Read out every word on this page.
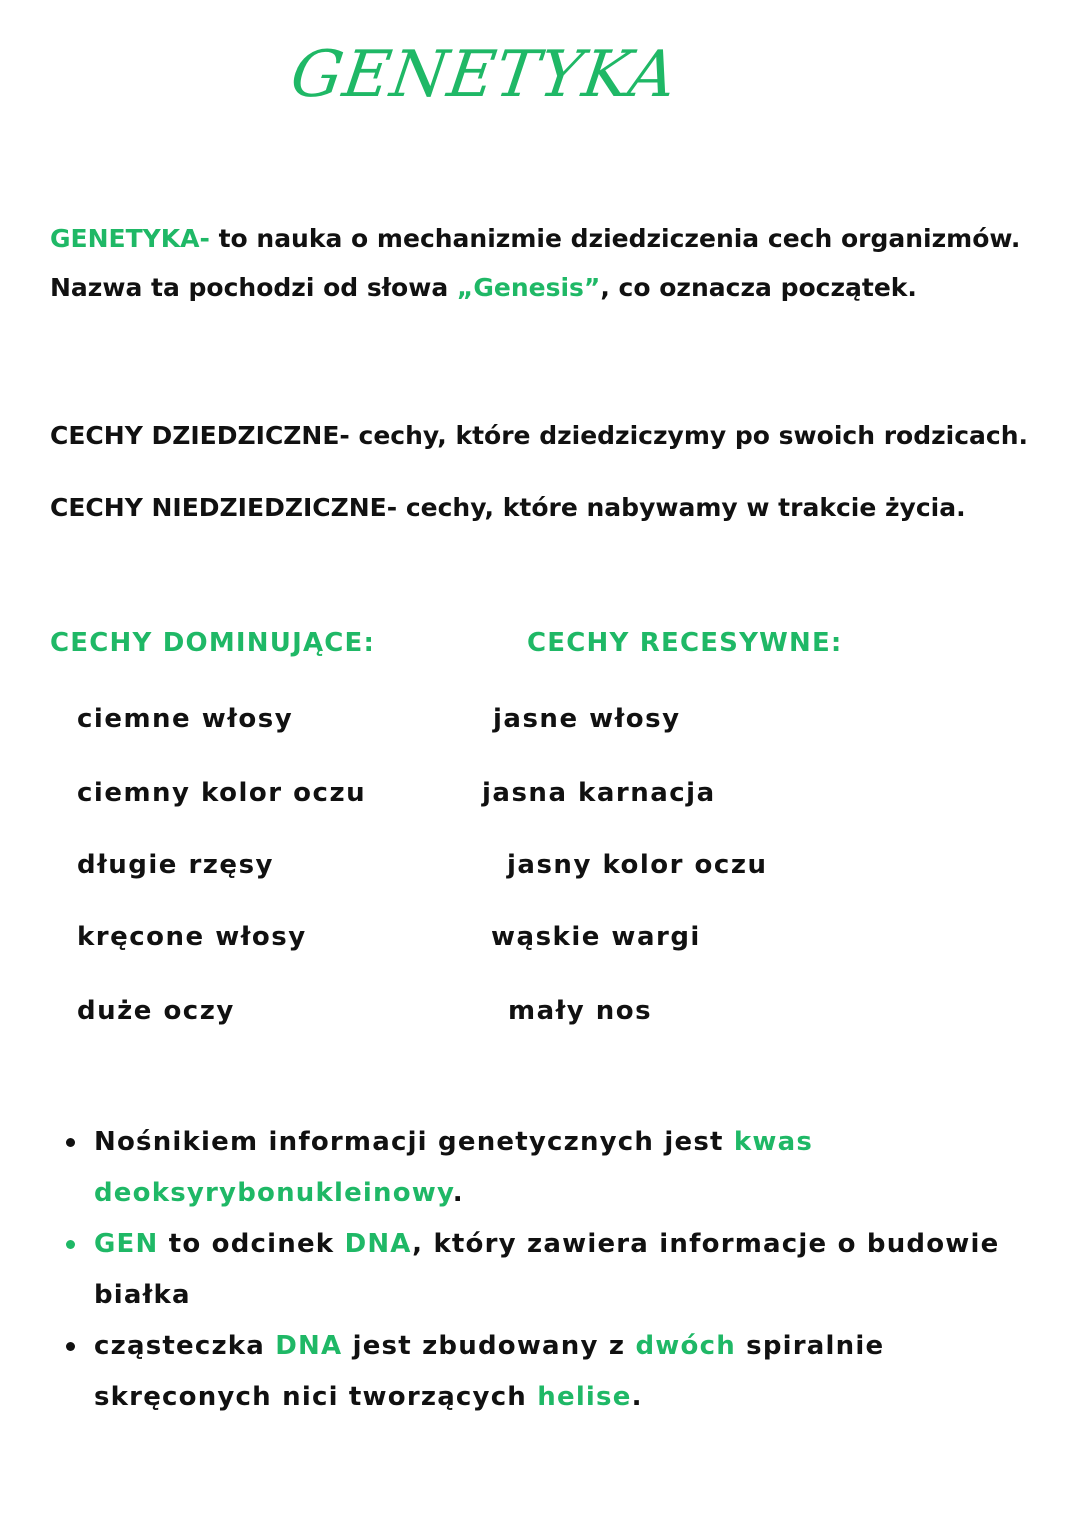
GENETYKA

GENETYKA- to nauka o mechanizmie dziedziczenia cech organizmów. Nazwa ta pochodzi od słowa „Genesis”, co oznacza początek.

CECHY DZIEDZICZNE- cechy, które dziedziczymy po swoich rodzicach.

CECHY NIEDZIEDZICZNE- cechy, które nabywamy w trakcie życia.

CECHY DOMINUJĄCE:	CECHY RECESYWNE:
ciemne włosy
ciemny kolor oczu
długie rzęsy
kręcone włosy
duże oczy
jasne włosy
jasna karnacja
jasny kolor oczu
wąskie wargi
mały nos
Nośnikiem informacji genetycznych jest kwas deoksyrybonukleinowy.
GEN to odcinek DNA, który zawiera informacje o budowie białka
cząsteczka DNA jest zbudowany z dwóch spiralnie skręconych nici tworzących helise.
